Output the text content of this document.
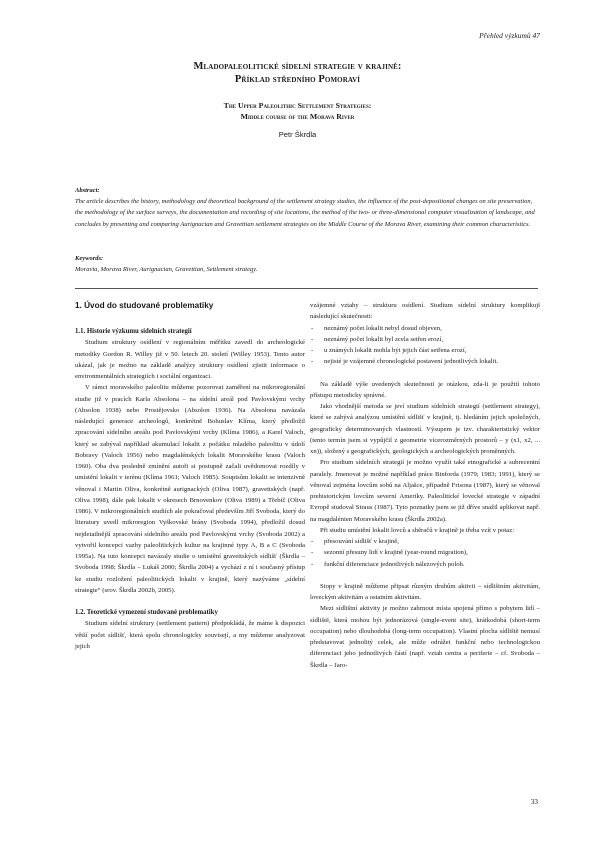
Přehled výzkumů 47
Mladopaleolitické sídelní strategie v krajině:
Příklad středního Pomoraví
The Upper Paleolithic Settlement Strategies:
Middle course of the Morava River
Petr Škrdla
Abstract:
The article describes the history, methodology and theoretical background of the settlement strategy studies, the influence of the post-depositional changes on site preservation, the methodology of the surface surveys, the documentation and recording of site locations, the method of the two- or three-dimensional computer visualization of landscape, and concludes by presenting and comparing Aurignacian and Gravettian settlement strategies on the Middle Course of the Morava River, examining their common characteristics.
Keywords:
Moravia, Morava River, Aurignacian, Gravettian, Settlement strategy.
1. Úvod do studované problematiky
1.1. Historie výzkumu sídelních strategií

Studium struktury osídlení v regionálním měřítku zavedl do archeologické metodiky Gordon R. Willey již v 50. letech 20. století (Willey 1953). Tento autor ukázal, jak je možno na základě analýzy struktury osídlení zjistit informace o environmentálních strategiích i sociální organizaci.

V rámci moravského paleolitu můžeme pozorovat zaměření na mikroregionální studie již v pracích Karla Absolona – na sídelní areál pod Pavlovskými vrchy (Absolon 1938) nebo Prostějovsko (Absolon 1936). Na Absolona navázala následující generace archeologů, konkrétně Bohuslav Klíma, který předložil zpracování sídelního areálu pod Pavlovskými vrchy (Klíma 1986), a Karel Valoch, který se zabýval například akumulací lokalit z počátku mladého paleolitu v údolí Bobravy (Valoch 1956) nebo magdalénských lokalit Moravského krasu (Valoch 1960). Oba dva posledně zmínění autoři si postupně začali uvědomovat rozdíly v umístění lokalit v terénu (Klíma 1961; Valoch 1985). Soupisům lokalit se intenzivně věnoval i Martin Oliva, konkrétně aurignackých (Oliva 1987), gravettských (např. Oliva 1998), dále pak lokalit v okresech Brnovenkov (Oliva 1989) a Třebíč (Oliva 1986). V mikroregionálních studiích ale pokračoval především Jiří Svoboda, který do literatury uvedl mikroregion Vyškovské brány (Svoboda 1994), předložil dosud nejdetailnější zpracování sídelního areálu pod Pavlovskými vrchy (Svoboda 2002) a vytvořil koncepci vazby paleolitických kultur na krajinné typy A, B a C (Svoboda 1995a). Na tuto koncepci navázaly studie o umístění gravettských sídlišť (Škrdla – Svoboda 1998; Škrdla – Lukáš 2000; Škrdla 2004) a vychází z ní i současný přístup ke studiu rozložení paleolitických lokalit v krajině, který nazýváme „sídelní strategie“ (srov. Škrdla 2002b, 2005).

1.2. Teoretické vymezení studované problematiky

Studium sídelní struktury (settlement pattern) předpokládá, že máme k dispozici větší počet sídlišť, která spolu chronologicky souvisejí, a my můžeme analyzovat jejich

vzájemné vztahy – strukturu osídlení. Studium sídelní struktury komplikují následující skutečnosti:

- neznámý počet lokalit nebyl dosud objeven,
- neznámý počet lokalit byl zcela setřen erozí,
- u známých lokalit mohla být jejich část setřena erozí,
- nejisté je vzájemné chronologické postavení jednotlivých lokalit.

Na základě výše uvedených skutečností je otázkou, zda-li je použití tohoto přístupu metodicky správné.

Jako vhodnější metoda se jeví studium sídelních strategií (settlement strategy), které se zabývá analýzou umístění sídlišť v krajině, tj. hledáním jejich společných, geograficky determinovaných vlastností. Výsupem je tzv. charakteristický vektor (tento termín jsem si vypůjčil z geometrie vícerozměrných prostorů – y (x1, x2, ... xn)), složený s geografických, geologických a archeologických proměnných.

Pro studium sídelních strategií je možno využít také etnografické a subrecentní paralely. Jmenovat je možné například práce Binforda (1979; 1983; 1991), který se věnoval zejména lovcům sobů na Aljašce, případně Frisona (1987), který se věnoval prehistorickým lovcům severní Ameriky. Paleolitické lovecké strategie v západní Evropě studoval Straus (1987). Tyto poznatky jsem se již dříve snažil aplikovat např. na magdalénien Moravského krasu (Škrdla 2002a).

Při studiu umístění lokalit lovců a sběračů v krajině je třeba vzít v potaz:

- přesouvání sídlišť v krajině,
- sezonní přesuny lidí v krajině (year-round migration),
- funkční diferenciace jednotlivých nálezových poloh.

Stopy v krajině můžeme připsat různým druhům aktivit – sídlištním aktivitám, loveckým aktivitám a ostatním aktivitám.

Mezi sídlištní aktivity je možno zahrnout místa spojená přímo s pobytem lidí – sídliště, která mohou být jednorázová (single-event site), krátkodobá (short-term occupation) nebo dlouhodobá (long-term occupation). Vlastní plocha sídliště nemusí představovat jednolitý celek, ale může odrážet funkční nebo technologickou diferenciaci jeho jednotlivých částí (např. vztah centra a periferie – cf. Svoboda – Škrdla – Jaro-

33
